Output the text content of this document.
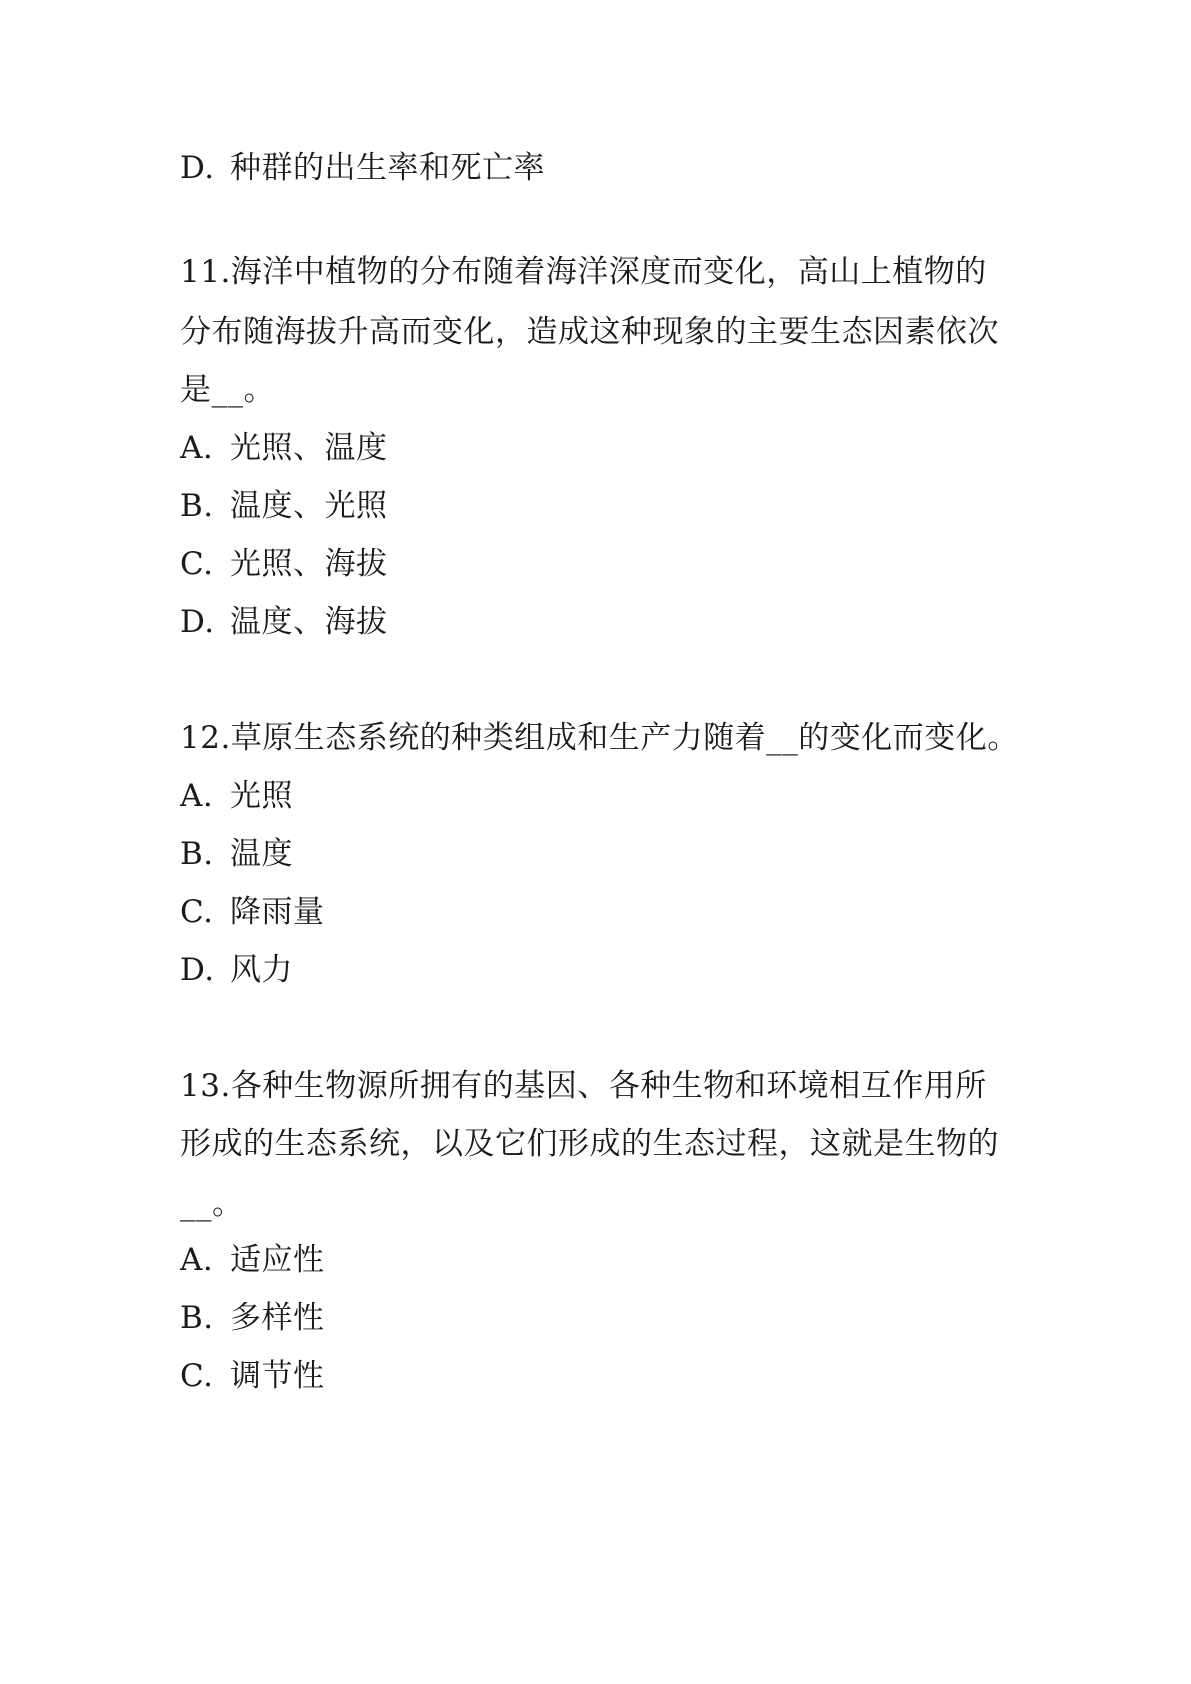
D. 种群的出生率和死亡率
11.海洋中植物的分布随着海洋深度而变化，高山上植物的
分布随海拔升高而变化，造成这种现象的主要生态因素依次
是__。
A. 光照、温度
B. 温度、光照
C. 光照、海拔
D. 温度、海拔
12.草原生态系统的种类组成和生产力随着__的变化而变化。
A. 光照
B. 温度
C. 降雨量
D. 风力
13.各种生物源所拥有的基因、各种生物和环境相互作用所
形成的生态系统，以及它们形成的生态过程，这就是生物的
__。
A. 适应性
B. 多样性
C. 调节性
